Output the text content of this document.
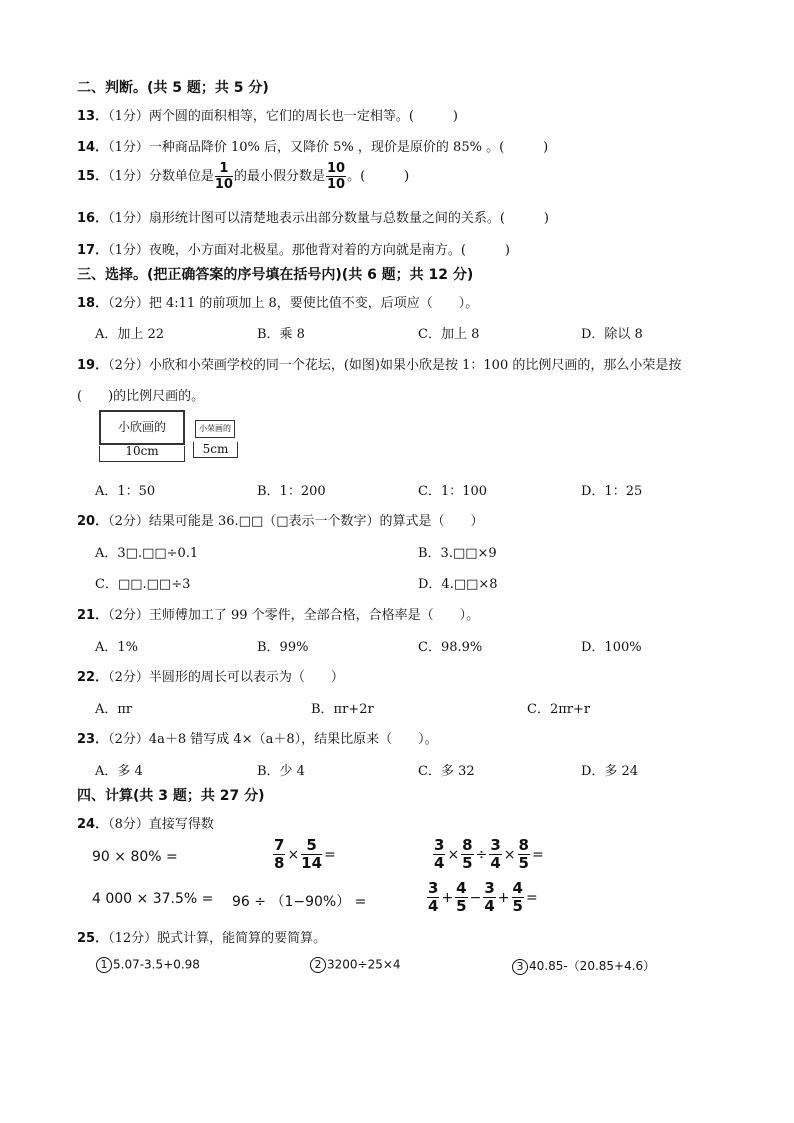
二、判断。(共 5 题；共 5 分)
13．（1分）两个圆的面积相等，它们的周长也一定相等。(　　　)
14．（1分）一种商品降价 10% 后，又降价 5% ，现价是原价的 85% 。(　　　)
15．（1分）分数单位是 $\frac{1}{10}$ 的最小假分数是 $\frac{10}{10}$ 。(　　　)
16．（1分）扇形统计图可以清楚地表示出部分数量与总数量之间的关系。(　　　)
17．（1分）夜晚，小方面对北极星。那他背对着的方向就是南方。(　　　)
三、选择。(把正确答案的序号填在括号内)(共 6 题；共 12 分)
18．（2分）把 4:11 的前项加上 8，要使比值不变，后项应（　　）。
A．加上 22	B．乘 8	C．加上 8	D．除以 8
19．（2分）小欣和小荣画学校的同一个花坛，(如图)如果小欣是按 1：100 的比例尺画的，那么小荣是按
(　　)的比例尺画的。
小欣画的
10cm
小荣画的
5cm
A．1：50	B．1：200	C．1：100	D．1：25
20．（2分）结果可能是 36.□□（□表示一个数字）的算式是（　　）
A．3□.□□÷0.1	B．3.□□×9
C．□□.□□÷3	D．4.□□×8
21．（2分）王师傅加工了 99 个零件，全部合格，合格率是（　　）。
A．1%	B．99%	C．98.9%	D．100%
22．（2分）半圆形的周长可以表示为（　　）
A．πr	B．πr+2r	C．2πr+r
23．（2分）4a＋8 错写成 4×（a＋8），结果比原来（　　）。
A．多 4	B．少 4	C．多 32	D．多 24
四、计算(共 3 题；共 27 分)
24．（8分）直接写得数
90 × 80% =	$\frac{7}{8} \times \frac{5}{14}$ =	$\frac{3}{4} \times \frac{8}{5} \div \frac{3}{4} \times \frac{8}{5}$ =
4 000 × 37.5% = 96 ÷ （1−90%） =	$\frac{3}{4} + \frac{4}{5} - \frac{3}{4} + \frac{4}{5}$ =
25．（12分）脱式计算，能简算的要简算。
1 5.07-3.5+0.98	2 3200÷25×4	3 40.85-（20.85+4.6）
